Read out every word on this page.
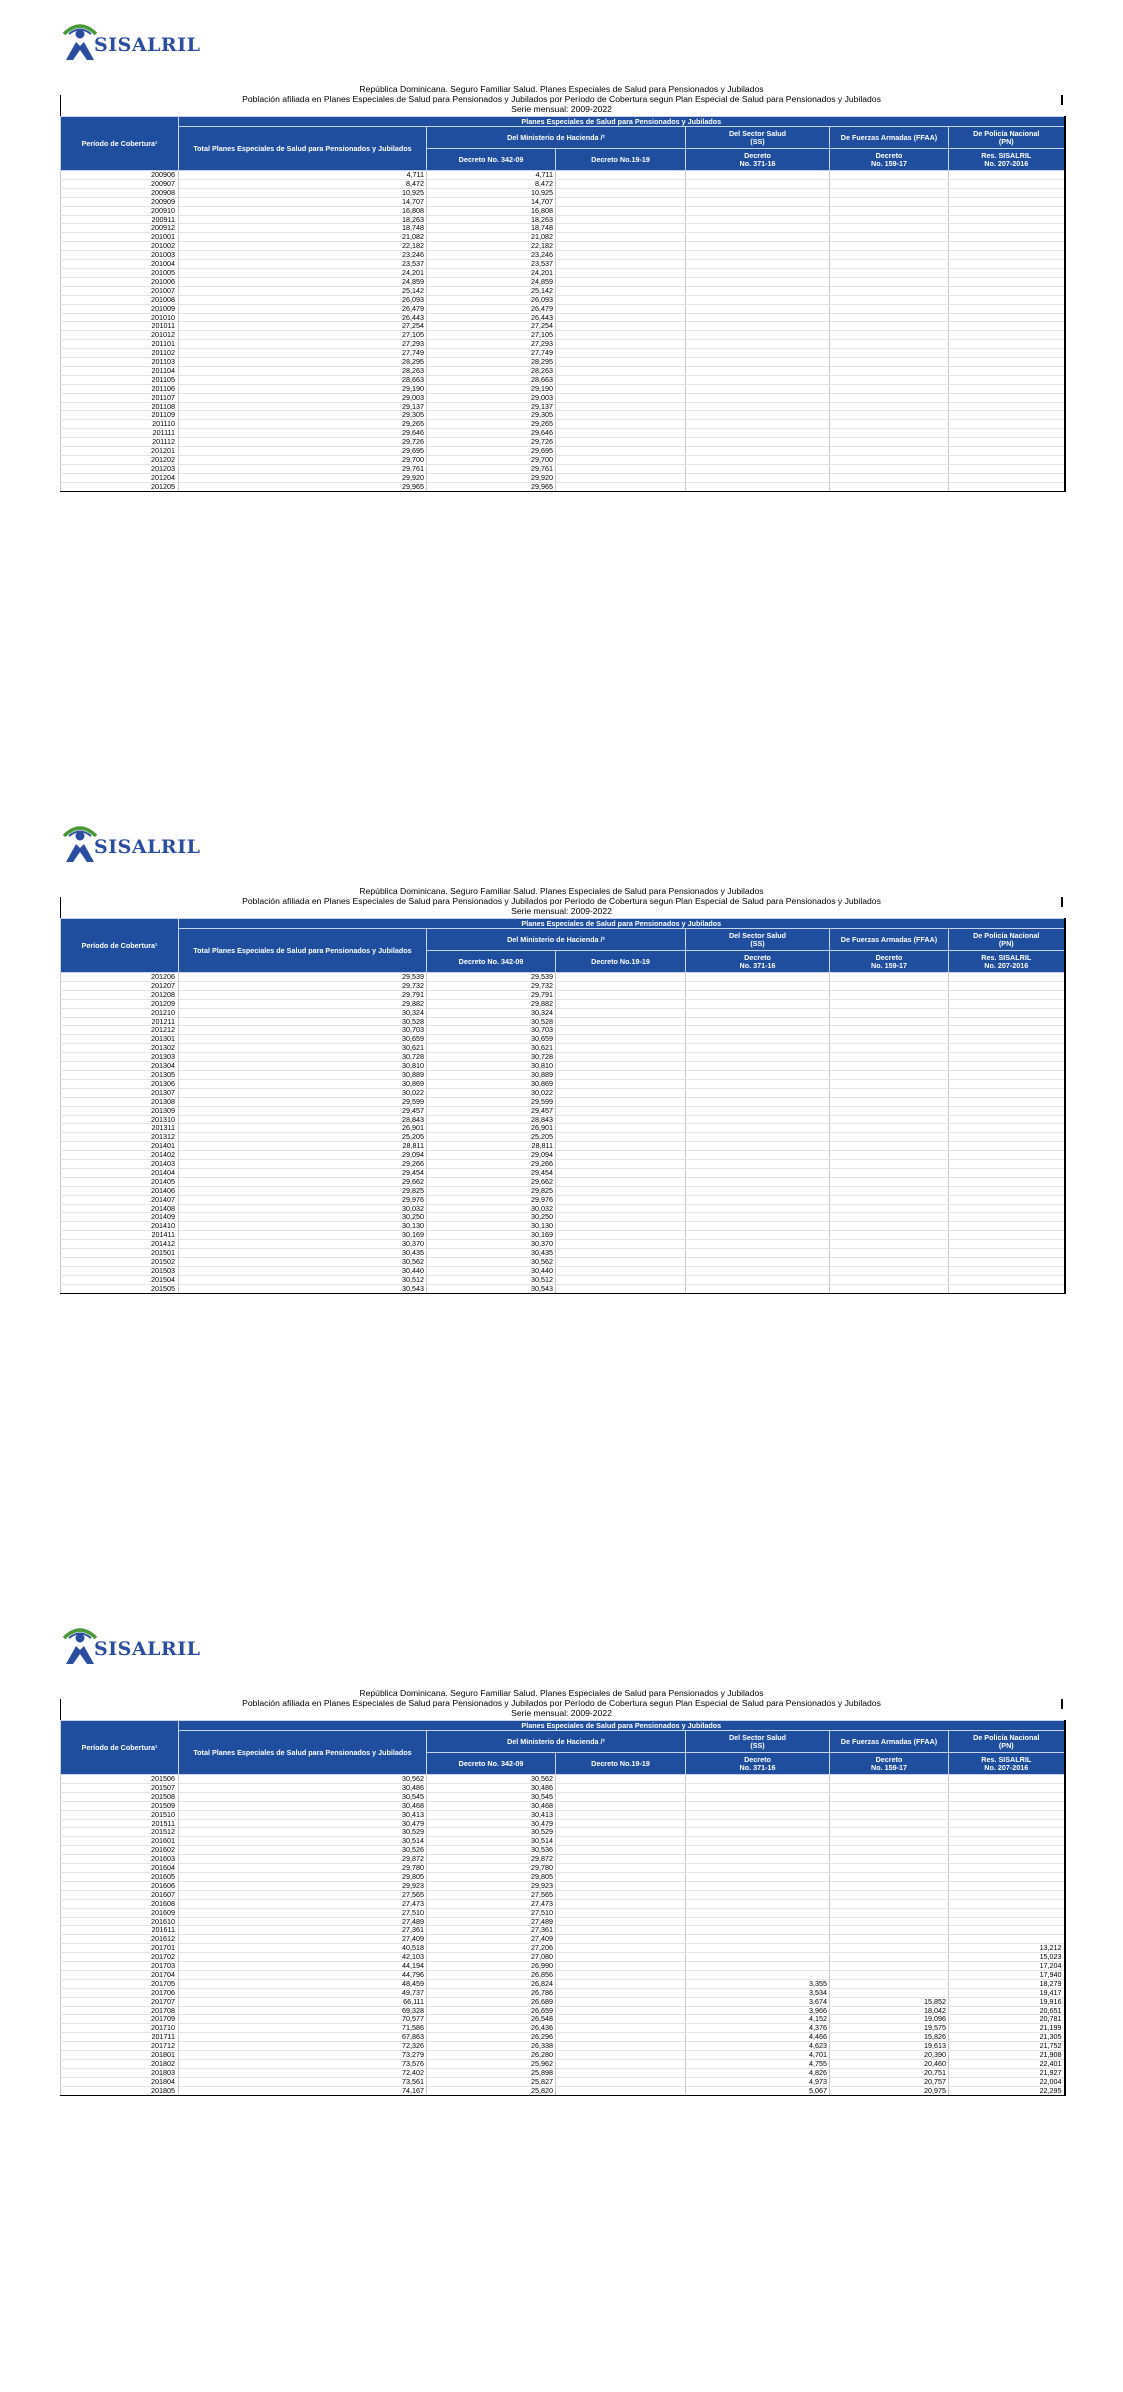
SISALRIL
República Dominicana. Seguro Familiar Salud. Planes Especiales de Salud para Pensionados y Jubilados
Población afiliada en Planes Especiales de Salud para Pensionados y Jubilados por Período de Cobertura segun Plan Especial de Salud para Pensionados y Jubilados
Serie mensual: 2009-2022
Período de Cobertura¹	Planes Especiales de Salud para Pensionados y Jubilados					
	Total Planes Especiales de Salud para Pensionados y Jubilados	Del Ministerio de Hacienda /²		Del Sector Salud
(SS)	De Fuerzas Armadas (FFAA)	De Policía Nacional
(PN)
		Decreto No. 342-09	Decreto No.19-19	Decreto
No. 371-16	Decreto
No. 159-17	Res. SISALRIL
No. 207-2016
200906	4,711	4,711				
200907	8,472	8,472				
200908	10,925	10,925				
200909	14,707	14,707				
200910	16,808	16,808				
200911	18,263	18,263				
200912	18,748	18,748				
201001	21,082	21,082				
201002	22,182	22,182				
201003	23,246	23,246				
201004	23,537	23,537				
201005	24,201	24,201				
201006	24,859	24,859				
201007	25,142	25,142				
201008	26,093	26,093				
201009	26,479	26,479				
201010	26,443	26,443				
201011	27,254	27,254				
201012	27,105	27,105				
201101	27,293	27,293				
201102	27,749	27,749				
201103	28,295	28,295				
201104	28,263	28,263				
201105	28,663	28,663				
201106	29,190	29,190				
201107	29,003	29,003				
201108	29,137	29,137				
201109	29,305	29,305				
201110	29,265	29,265				
201111	29,646	29,646				
201112	29,726	29,726				
201201	29,695	29,695				
201202	29,700	29,700				
201203	29,761	29,761				
201204	29,920	29,920				
201205	29,965	29,965				
SISALRIL
República Dominicana. Seguro Familiar Salud. Planes Especiales de Salud para Pensionados y Jubilados
Población afiliada en Planes Especiales de Salud para Pensionados y Jubilados por Período de Cobertura segun Plan Especial de Salud para Pensionados y Jubilados
Serie mensual: 2009-2022
Período de Cobertura¹	Planes Especiales de Salud para Pensionados y Jubilados					
	Total Planes Especiales de Salud para Pensionados y Jubilados	Del Ministerio de Hacienda /²		Del Sector Salud
(SS)	De Fuerzas Armadas (FFAA)	De Policía Nacional
(PN)
		Decreto No. 342-09	Decreto No.19-19	Decreto
No. 371-16	Decreto
No. 159-17	Res. SISALRIL
No. 207-2016
201206	29,539	29,539				
201207	29,732	29,732				
201208	29,791	29,791				
201209	29,882	29,882				
201210	30,324	30,324				
201211	30,528	30,528				
201212	30,703	30,703				
201301	30,659	30,659				
201302	30,621	30,621				
201303	30,728	30,728				
201304	30,810	30,810				
201305	30,889	30,889				
201306	30,869	30,869				
201307	30,022	30,022				
201308	29,599	29,599				
201309	29,457	29,457				
201310	28,843	28,843				
201311	26,901	26,901				
201312	25,205	25,205				
201401	28,811	28,811				
201402	29,094	29,094				
201403	29,266	29,266				
201404	29,454	29,454				
201405	29,662	29,662				
201406	29,825	29,825				
201407	29,976	29,976				
201408	30,032	30,032				
201409	30,250	30,250				
201410	30,130	30,130				
201411	30,169	30,169				
201412	30,370	30,370				
201501	30,435	30,435				
201502	30,562	30,562				
201503	30,440	30,440				
201504	30,512	30,512				
201505	30,543	30,543				
SISALRIL
República Dominicana. Seguro Familiar Salud. Planes Especiales de Salud para Pensionados y Jubilados
Población afiliada en Planes Especiales de Salud para Pensionados y Jubilados por Período de Cobertura segun Plan Especial de Salud para Pensionados y Jubilados
Serie mensual: 2009-2022
Período de Cobertura¹	Planes Especiales de Salud para Pensionados y Jubilados					
	Total Planes Especiales de Salud para Pensionados y Jubilados	Del Ministerio de Hacienda /²		Del Sector Salud
(SS)	De Fuerzas Armadas (FFAA)	De Policía Nacional
(PN)
		Decreto No. 342-09	Decreto No.19-19	Decreto
No. 371-16	Decreto
No. 159-17	Res. SISALRIL
No. 207-2016
201506	30,562	30,562				
201507	30,486	30,486				
201508	30,545	30,545				
201509	30,468	30,468				
201510	30,413	30,413				
201511	30,479	30,479				
201512	30,529	30,529				
201601	30,514	30,514				
201602	30,526	30,536				
201603	29,872	29,872				
201604	29,780	29,780				
201605	29,805	29,805				
201606	29,923	29,923				
201607	27,565	27,565				
201608	27,473	27,473				
201609	27,510	27,510				
201610	27,489	27,489				
201611	27,361	27,361				
201612	27,409	27,409				
201701	40,518	27,206				13,212
201702	42,103	27,080				15,023
201703	44,194	26,990				17,204
201704	44,796	26,856				17,940
201705	48,459	26,824		3,355		18,279
201706	49,737	26,786		3,534		19,417
201707	66,111	26,689		3,674	15,852	19,916
201708	69,328	26,659		3,966	18,042	20,651
201709	70,577	26,548		4,152	19,096	20,781
201710	71,586	26,436		4,376	19,575	21,199
201711	67,863	26,296		4,466	15,826	21,305
201712	72,326	26,338		4,623	19,613	21,752
201801	73,279	26,280		4,701	20,390	21,908
201802	73,576	25,962		4,755	20,460	22,401
201803	72,402	25,898		4,826	20,751	21,927
201804	73,561	25,827		4,973	20,757	22,004
201805	74,167	25,820		5,067	20,975	22,295
